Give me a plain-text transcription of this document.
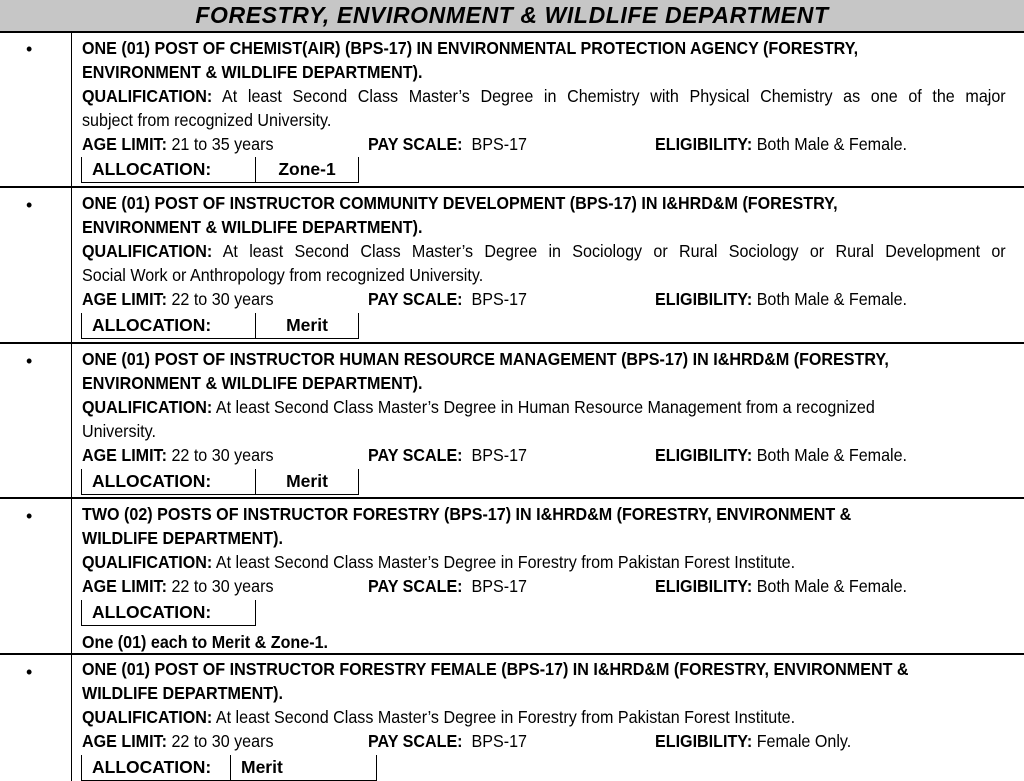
FORESTRY, ENVIRONMENT & WILDLIFE DEPARTMENT
•	ONE (01) POST OF CHEMIST(AIR) (BPS-17) IN ENVIRONMENTAL PROTECTION AGENCY (FORESTRY,
ENVIRONMENT & WILDLIFE DEPARTMENT).
QUALIFICATION: At least Second Class Master’s Degree in Chemistry with Physical Chemistry as one of the major
subject from recognized University.
AGE LIMIT: 21 to 35 years	PAY SCALE: BPS-17	ELIGIBILITY: Both Male & Female.
ALLOCATION:	Zone-1
•	ONE (01) POST OF INSTRUCTOR COMMUNITY DEVELOPMENT (BPS-17) IN I&HRD&M (FORESTRY,
ENVIRONMENT & WILDLIFE DEPARTMENT).
QUALIFICATION: At least Second Class Master’s Degree in Sociology or Rural Sociology or Rural Development or
Social Work or Anthropology from recognized University.
AGE LIMIT: 22 to 30 years	PAY SCALE: BPS-17	ELIGIBILITY: Both Male & Female.
ALLOCATION:	Merit
•	ONE (01) POST OF INSTRUCTOR HUMAN RESOURCE MANAGEMENT (BPS-17) IN I&HRD&M (FORESTRY,
ENVIRONMENT & WILDLIFE DEPARTMENT).
QUALIFICATION: At least Second Class Master’s Degree in Human Resource Management from a recognized
University.
AGE LIMIT: 22 to 30 years	PAY SCALE: BPS-17	ELIGIBILITY: Both Male & Female.
ALLOCATION:	Merit
•	TWO (02) POSTS OF INSTRUCTOR FORESTRY (BPS-17) IN I&HRD&M (FORESTRY, ENVIRONMENT &
WILDLIFE DEPARTMENT).
QUALIFICATION: At least Second Class Master’s Degree in Forestry from Pakistan Forest Institute.
AGE LIMIT: 22 to 30 years	PAY SCALE: BPS-17	ELIGIBILITY: Both Male & Female.
ALLOCATION:
One (01) each to Merit & Zone-1.
•	ONE (01) POST OF INSTRUCTOR FORESTRY FEMALE (BPS-17) IN I&HRD&M (FORESTRY, ENVIRONMENT &
WILDLIFE DEPARTMENT).
QUALIFICATION: At least Second Class Master’s Degree in Forestry from Pakistan Forest Institute.
AGE LIMIT: 22 to 30 years	PAY SCALE: BPS-17	ELIGIBILITY: Female Only.
ALLOCATION:	Merit
